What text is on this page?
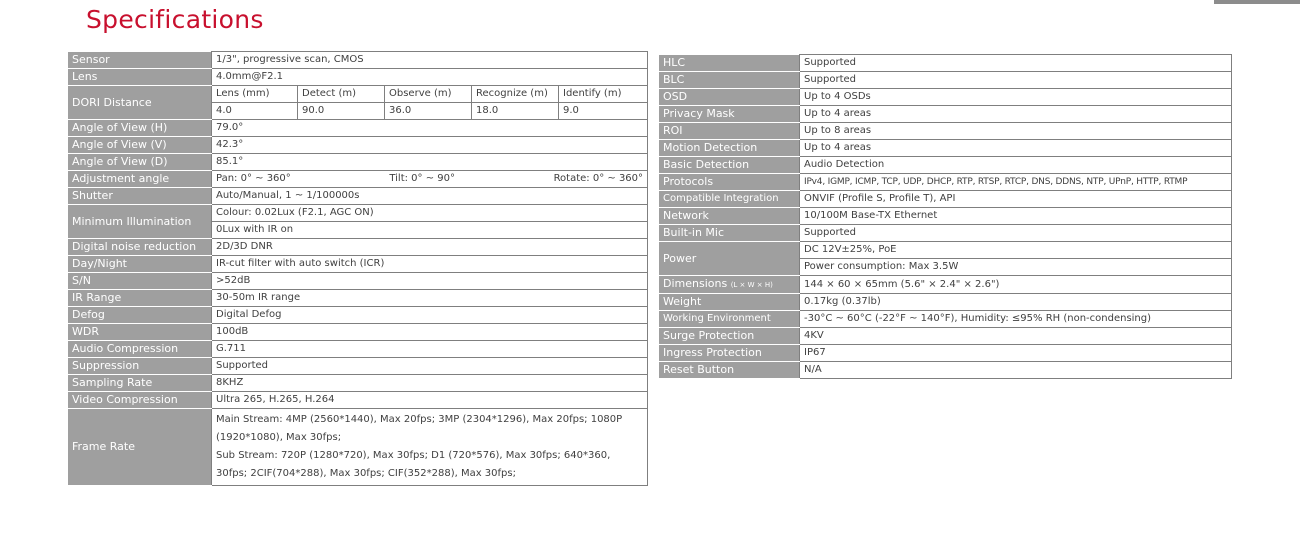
Specifications
Sensor	1/3", progressive scan, CMOS				
Lens	4.0mm@F2.1				
DORI Distance	Lens (mm)	Detect (m)	Observe (m)	Recognize (m)	Identify (m)
	4.0	90.0	36.0	18.0	9.0
Angle of View (H)	79.0°				
Angle of View (V)	42.3°				
Angle of View (D)	85.1°				
Adjustment angle	Pan: 0° ~ 360° Tilt: 0° ~ 90° Rotate: 0° ~ 360°				

Shutter	Auto/Manual, 1 ~ 1/100000s				
Minimum Illumination	Colour: 0.02Lux (F2.1, AGC ON)				
	0Lux with IR on				
Digital noise reduction	2D/3D DNR				
Day/Night	IR-cut filter with auto switch (ICR)				
S/N	>52dB				
IR Range	30-50m IR range				
Defog	Digital Defog				
WDR	100dB				
Audio Compression	G.711				
Suppression	Supported				
Sampling Rate	8KHZ				
Video Compression	Ultra 265, H.265, H.264				
Frame Rate	Main Stream: 4MP (2560*1440), Max 20fps; 3MP (2304*1296), Max 20fps; 1080P (1920*1080), Max 30fps;
Sub Stream: 720P (1280*720), Max 30fps; D1 (720*576), Max 30fps; 640*360, 30fps; 2CIF(704*288), Max 30fps; CIF(352*288), Max 30fps;				
HLC	Supported
BLC	Supported
OSD	Up to 4 OSDs
Privacy Mask	Up to 4 areas
ROI	Up to 8 areas
Motion Detection	Up to 4 areas
Basic Detection	Audio Detection
Protocols	IPv4, IGMP, ICMP, TCP, UDP, DHCP, RTP, RTSP, RTCP, DNS, DDNS, NTP, UPnP, HTTP, RTMP
Compatible Integration	ONVIF (Profile S, Profile T), API
Network	10/100M Base-TX Ethernet
Built-in Mic	Supported
Power	DC 12V±25%, PoE
	Power consumption: Max 3.5W
Dimensions (L × W × H)	144 × 60 × 65mm (5.6" × 2.4" × 2.6")
Weight	0.17kg (0.37lb)
Working Environment	-30°C ~ 60°C (-22°F ~ 140°F), Humidity: ≤95% RH (non-condensing)
Surge Protection	4KV
Ingress Protection	IP67
Reset Button	N/A
